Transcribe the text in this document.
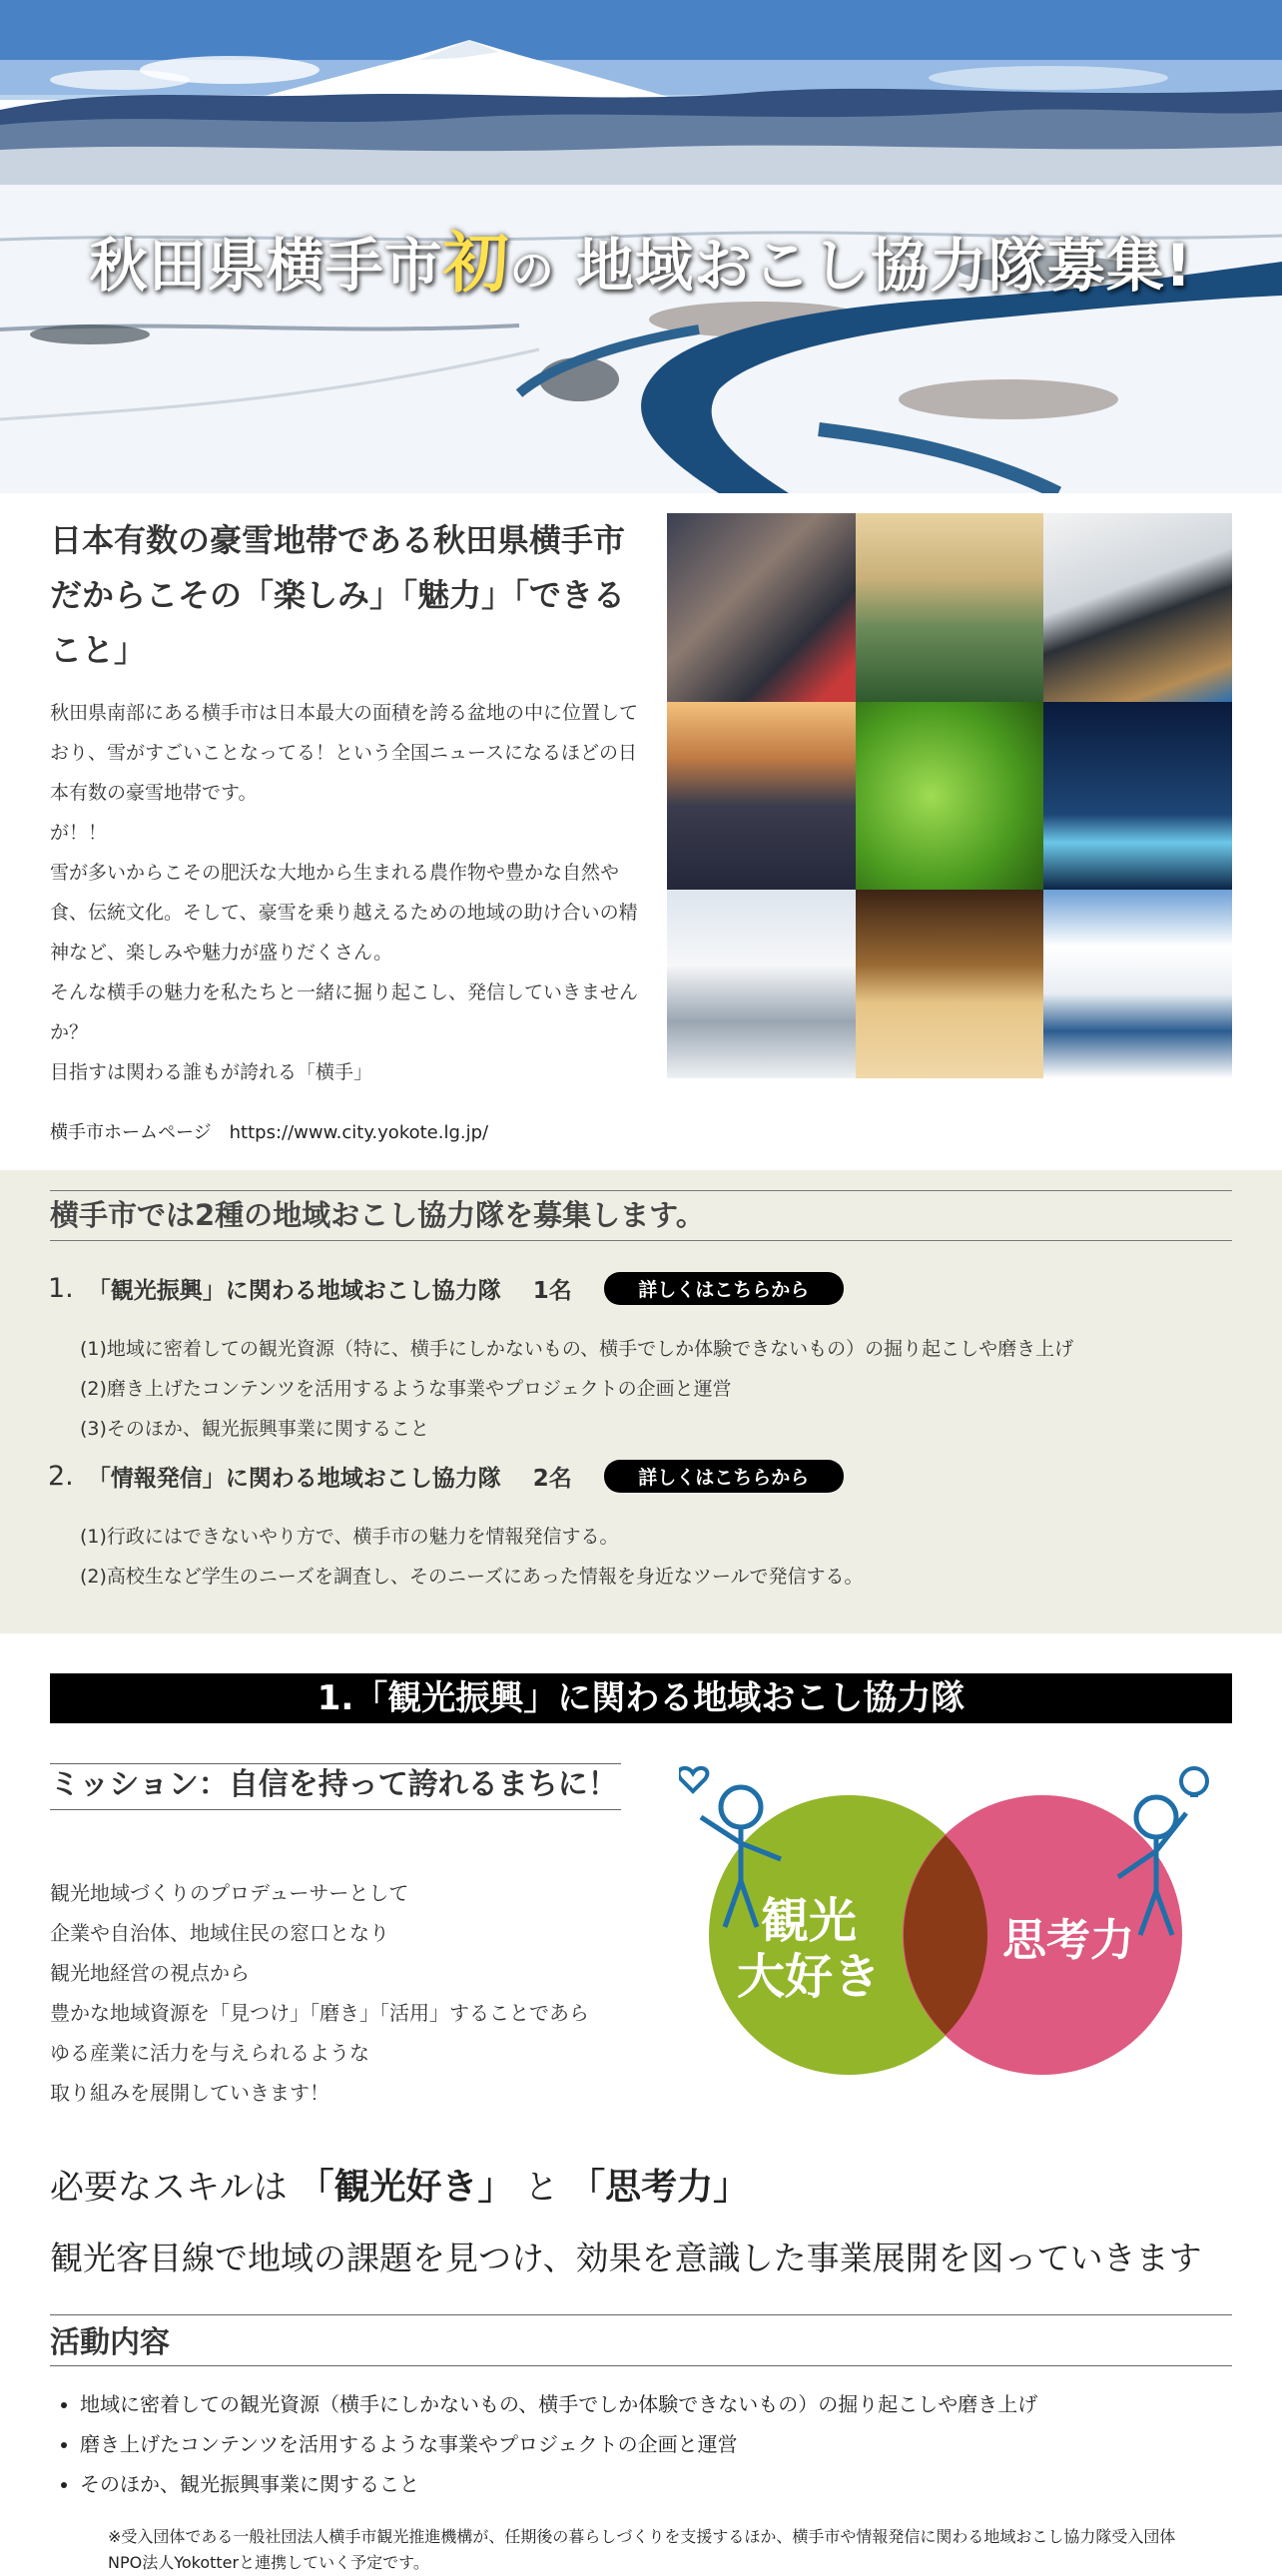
秋田県横手市初の 地域おこし協力隊募集!
日本有数の豪雪地帯である秋田県横手市だからこその「楽しみ」「魅力」「できること」

秋田県南部にある横手市は日本最大の面積を誇る盆地の中に位置しており、雪がすごいことなってる！という全国ニュースになるほどの日本有数の豪雪地帯です。

が！！

雪が多いからこその肥沃な大地から生まれる農作物や豊かな自然や食、伝統文化。そして、豪雪を乗り越えるための地域の助け合いの精神など、楽しみや魅力が盛りだくさん。

そんな横手の魅力を私たちと一緒に掘り起こし、発信していきませんか？

目指すは関わる誰もが誇れる「横手」

横手市ホームページ https://www.city.yokote.lg.jp/
横手市では2種の地域おこし協力隊を募集します。
1. 「観光振興」に関わる地域おこし協力隊 1名	詳しくはこちらから
(1)地域に密着しての観光資源（特に、横手にしかないもの、横手でしか体験できないもの）の掘り起こしや磨き上げ
(2)磨き上げたコンテンツを活用するような事業やプロジェクトの企画と運営
(3)そのほか、観光振興事業に関すること
2. 「情報発信」に関わる地域おこし協力隊 2名	詳しくはこちらから
(1)行政にはできないやり方で、横手市の魅力を情報発信する。
(2)高校生など学生のニーズを調査し、そのニーズにあった情報を身近なツールで発信する。
1.「観光振興」に関わる地域おこし協力隊
ミッション：自信を持って誇れるまちに！

観光地域づくりのプロデューサーとして

企業や自治体、地域住民の窓口となり

観光地経営の視点から

豊かな地域資源を「見つけ」「磨き」「活用」することであら

ゆる産業に活力を与えられるような

取り組みを展開していきます！

観光
大好き
思考力
必要なスキルは 「観光好き」 と 「思考力」
観光客目線で地域の課題を見つけ、効果を意識した事業展開を図っていきます
活動内容
• 地域に密着しての観光資源（横手にしかないもの、横手でしか体験できないもの）の掘り起こしや磨き上げ
• 磨き上げたコンテンツを活用するような事業やプロジェクトの企画と運営
• そのほか、観光振興事業に関すること
※受入団体である一般社団法人横手市観光推進機構が、任期後の暮らしづくりを支援するほか、横手市や情報発信に関わる地域おこし協力隊受入団体NPO法人Yokotterと連携していく予定です。
